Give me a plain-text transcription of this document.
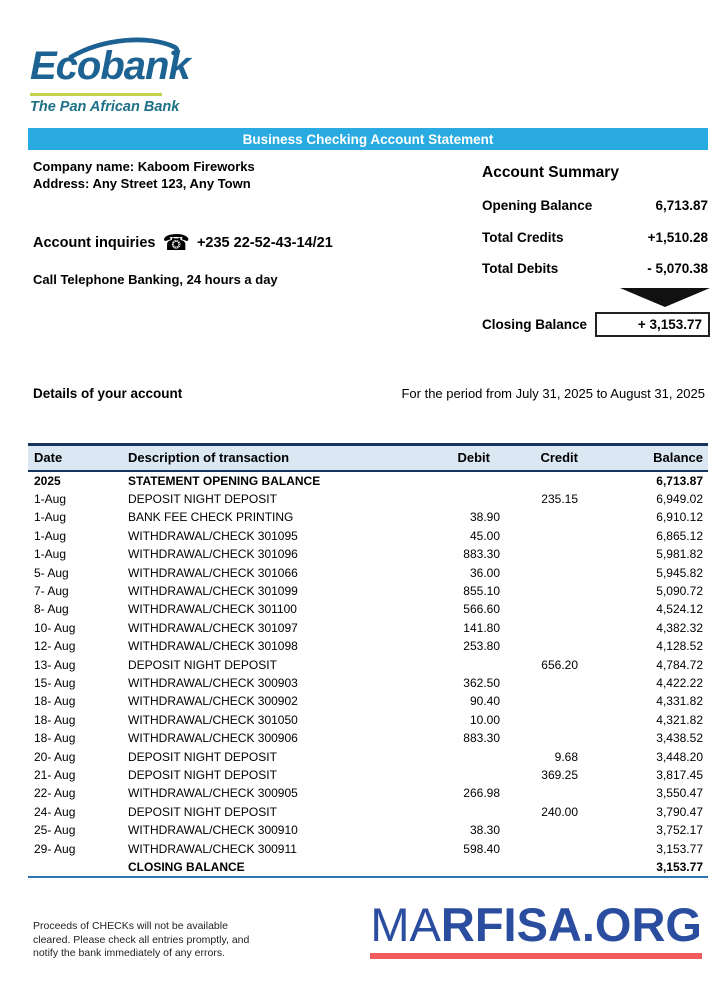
Ecobank
The Pan African Bank
Business Checking Account Statement
Company name: Kaboom Fireworks
Address: Any Street 123, Any Town
Account inquiries ☎ +235 22-52-43-14/21
Call Telephone Banking, 24 hours a day
Account Summary
Opening Balance	6,713.87
Total Credits	+1,510.28
Total Debits	- 5,070.38
Closing Balance	+ 3,153.77
Details of your account	For the period from July 31, 2025 to August 31, 2025
Date	Description of transaction	Debit	Credit	Balance
2025	STATEMENT OPENING BALANCE			6,713.87
1-Aug	DEPOSIT NIGHT DEPOSIT		235.15	6,949.02
1-Aug	BANK FEE CHECK PRINTING	38.90		6,910.12
1-Aug	WITHDRAWAL/CHECK 301095	45.00		6,865.12
1-Aug	WITHDRAWAL/CHECK 301096	883.30		5,981.82
5- Aug	WITHDRAWAL/CHECK 301066	36.00		5,945.82
7- Aug	WITHDRAWAL/CHECK 301099	855.10		5,090.72
8- Aug	WITHDRAWAL/CHECK 301100	566.60		4,524.12
10- Aug	WITHDRAWAL/CHECK 301097	141.80		4,382.32
12- Aug	WITHDRAWAL/CHECK 301098	253.80		4,128.52
13- Aug	DEPOSIT NIGHT DEPOSIT		656.20	4,784.72
15- Aug	WITHDRAWAL/CHECK 300903	362.50		4,422.22
18- Aug	WITHDRAWAL/CHECK 300902	90.40		4,331.82
18- Aug	WITHDRAWAL/CHECK 301050	10.00		4,321.82
18- Aug	WITHDRAWAL/CHECK 300906	883.30		3,438.52
20- Aug	DEPOSIT NIGHT DEPOSIT		9.68	3,448.20
21- Aug	DEPOSIT NIGHT DEPOSIT		369.25	3,817.45
22- Aug	WITHDRAWAL/CHECK 300905	266.98		3,550.47
24- Aug	DEPOSIT NIGHT DEPOSIT		240.00	3,790.47
25- Aug	WITHDRAWAL/CHECK 300910	38.30		3,752.17
29- Aug	WITHDRAWAL/CHECK 300911	598.40		3,153.77
	CLOSING BALANCE			3,153.77
Proceeds of CHECKs will not be available
cleared. Please check all entries promptly, and
notify the bank immediately of any errors.
MARFISA.ORG
